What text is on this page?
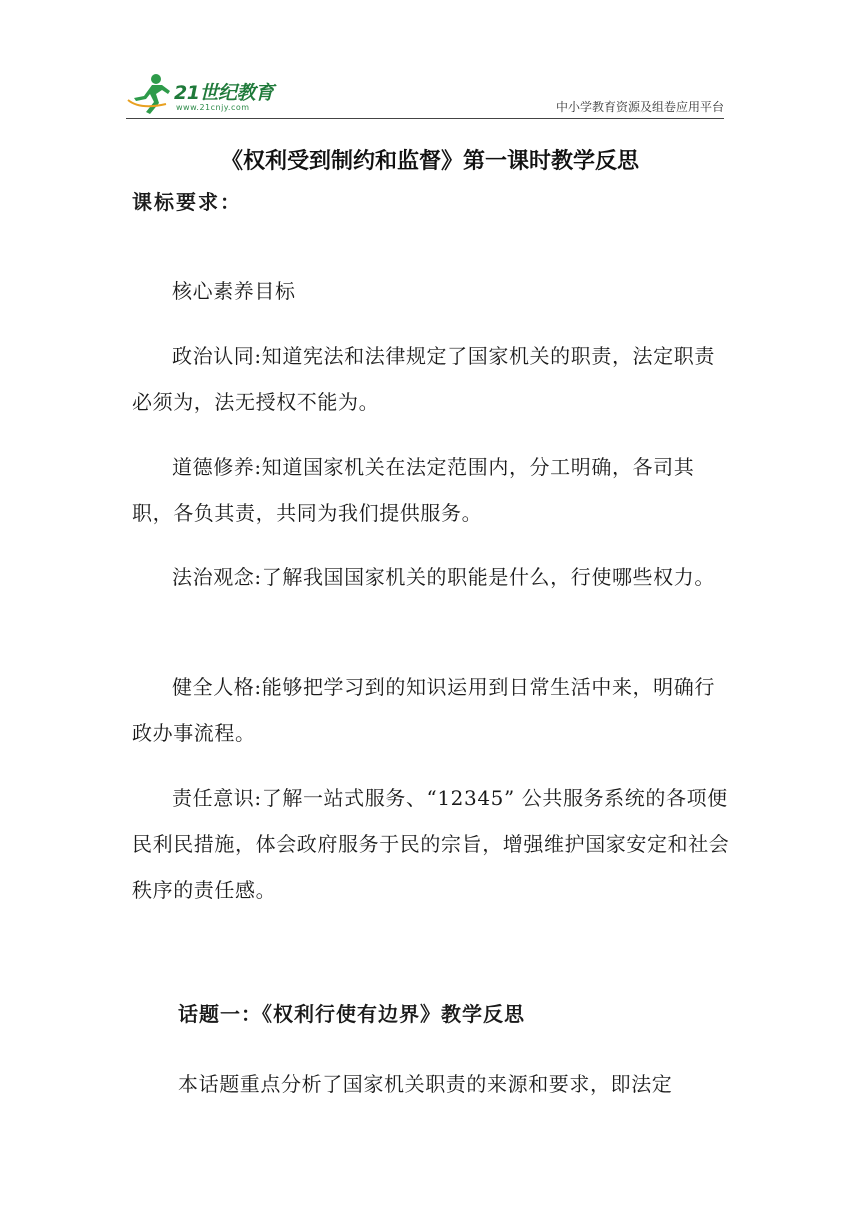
21世纪教育
www.21cnjy.com	中小学教育资源及组卷应用平台
《权利受到制约和监督》第一课时教学反思
课标要求：
核心素养目标
政治认同:知道宪法和法律规定了国家机关的职责，法定职责必须为，法无授权不能为。
道德修养:知道国家机关在法定范围内，分工明确，各司其职，各负其责，共同为我们提供服务。
法治观念:了解我国国家机关的职能是什么，行使哪些权力。
健全人格:能够把学习到的知识运用到日常生活中来，明确行政办事流程。
责任意识:了解一站式服务、“12345” 公共服务系统的各项便民利民措施，体会政府服务于民的宗旨，增强维护国家安定和社会秩序的责任感。
话题一：《权利行使有边界》教学反思
本话题重点分析了国家机关职责的来源和要求，即法定
